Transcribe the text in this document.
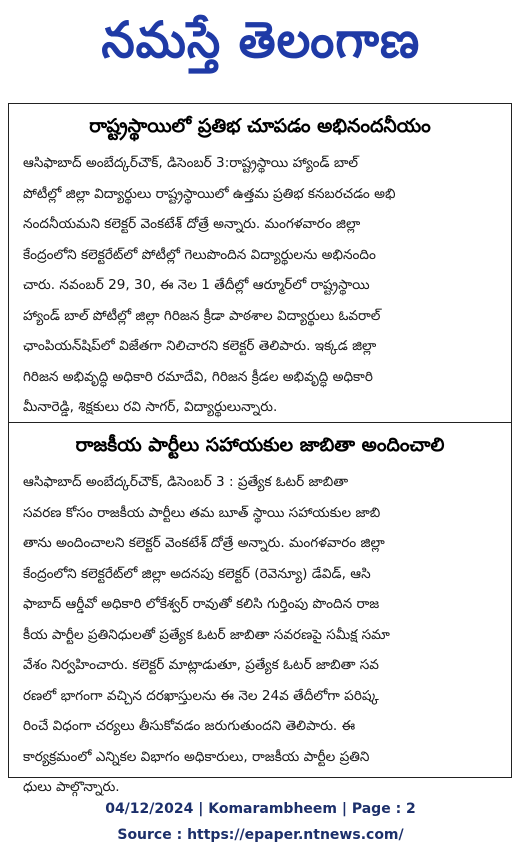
నమస్తే తెలంగాణ
రాష్ట్రస్థాయిలో ప్రతిభ చూపడం అభినందనీయం
ఆసిఫాబాద్ అంబేద్కర్‌చౌక్, డిసెంబర్ 3:రాష్ట్రస్థాయి హ్యాండ్ బాల్
పోటీల్లో జిల్లా విద్యార్థులు రాష్ట్రస్థాయిలో ఉత్తమ ప్రతిభ కనబరచడం అభి
నందనీయమని కలెక్టర్ వెంకటేశ్ దోత్రే అన్నారు. మంగళవారం జిల్లా
కేంద్రంలోని కలెక్టరేట్‌లో పోటీల్లో గెలుపొందిన విద్యార్థులను అభినందిం
చారు. నవంబర్ 29, 30, ఈ నెల 1 తేదీల్లో ఆర్మూర్‌లో రాష్ట్రస్థాయి
హ్యాండ్ బాల్ పోటీల్లో జిల్లా గిరిజన క్రీడా పాఠశాల విద్యార్థులు ఓవరాల్
ఛాంపియన్‌షిప్‌లో విజేతగా నిలిచారని కలెక్టర్ తెలిపారు. ఇక్కడ జిల్లా
గిరిజన అభివృద్ధి అధికారి రమాదేవి, గిరిజన క్రీడల అభివృద్ధి అధికారి
మీనారెడ్డి, శిక్షకులు రవి సాగర్, విద్యార్థులున్నారు.
రాజకీయ పార్టీలు సహాయకుల జాబితా అందించాలి
ఆసిఫాబాద్ అంబేద్కర్‌చౌక్, డిసెంబర్ 3 : ప్రత్యేక ఓటర్ జాబితా
సవరణ కోసం రాజకీయ పార్టీలు తమ బూత్ స్థాయి సహాయకుల జాబి
తాను అందించాలని కలెక్టర్ వెంకటేశ్ దోత్రే అన్నారు. మంగళవారం జిల్లా
కేంద్రంలోని కలెక్టరేట్‌లో జిల్లా అదనపు కలెక్టర్ (రెవెన్యూ) డేవిడ్, ఆసి
ఫాబాద్ ఆర్డీవో అధికారి లోకేశ్వర్ రావుతో కలిసి గుర్తింపు పొందిన రాజ
కీయ పార్టీల ప్రతినిధులతో ప్రత్యేక ఓటర్ జాబితా సవరణపై సమీక్ష సమా
వేశం నిర్వహించారు. కలెక్టర్ మాట్లాడుతూ, ప్రత్యేక ఓటర్ జాబితా సవ
రణలో భాగంగా వచ్చిన దరఖాస్తులను ఈ నెల 24వ తేదీలోగా పరిష్క
రించే విధంగా చర్యలు తీసుకోవడం జరుగుతుందని తెలిపారు. ఈ
కార్యక్రమంలో ఎన్నికల విభాగం అధికారులు, రాజకీయ పార్టీల ప్రతిని
ధులు పాల్గొన్నారు.
04/12/2024 | Komarambheem | Page : 2
Source : https://epaper.ntnews.com/
